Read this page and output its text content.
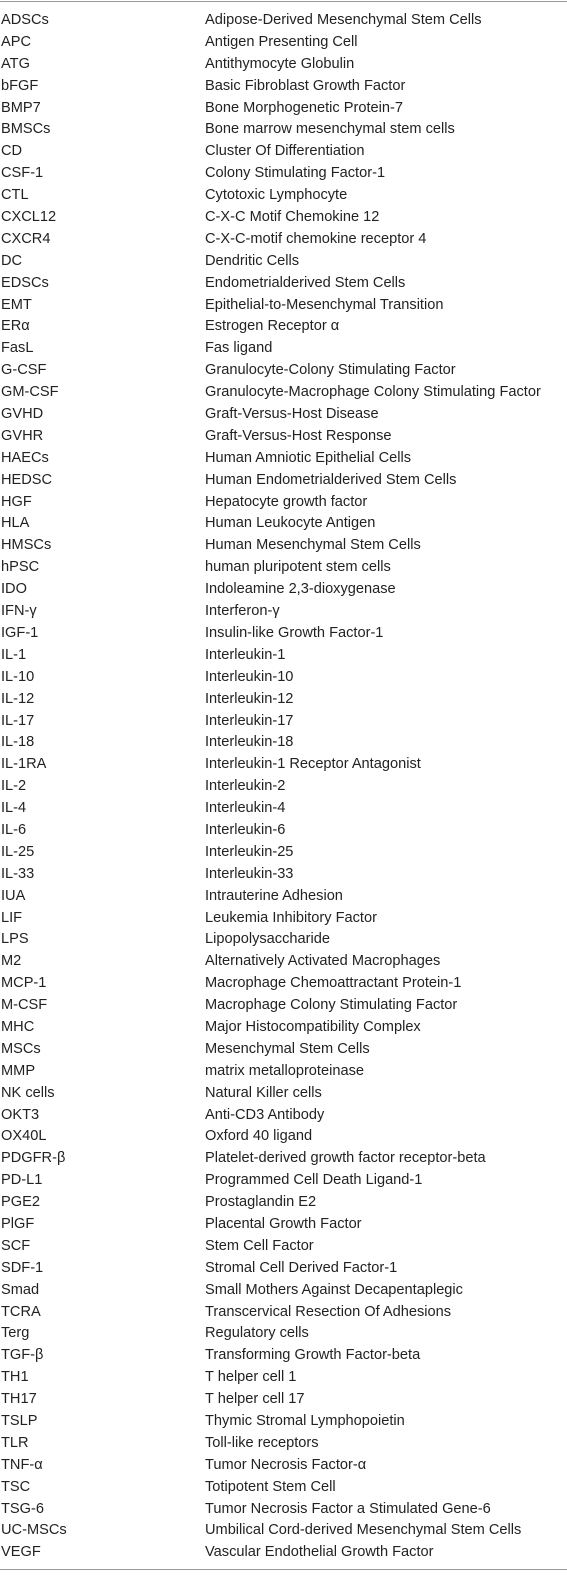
ADSCs	Adipose-Derived Mesenchymal Stem Cells
APC	Antigen Presenting Cell
ATG	Antithymocyte Globulin
bFGF	Basic Fibroblast Growth Factor
BMP7	Bone Morphogenetic Protein-7
BMSCs	Bone marrow mesenchymal stem cells
CD	Cluster Of Differentiation
CSF-1	Colony Stimulating Factor-1
CTL	Cytotoxic Lymphocyte
CXCL12	C-X-C Motif Chemokine 12
CXCR4	C-X-C-motif chemokine receptor 4
DC	Dendritic Cells
EDSCs	Endometrialderived Stem Cells
EMT	Epithelial-to-Mesenchymal Transition
ERα	Estrogen Receptor α
FasL	Fas ligand
G-CSF	Granulocyte-Colony Stimulating Factor
GM-CSF	Granulocyte-Macrophage Colony Stimulating Factor
GVHD	Graft-Versus-Host Disease
GVHR	Graft-Versus-Host Response
HAECs	Human Amniotic Epithelial Cells
HEDSC	Human Endometrialderived Stem Cells
HGF	Hepatocyte growth factor
HLA	Human Leukocyte Antigen
HMSCs	Human Mesenchymal Stem Cells
hPSC	human pluripotent stem cells
IDO	Indoleamine 2,3-dioxygenase
IFN-γ	Interferon-γ
IGF-1	Insulin-like Growth Factor-1
IL-1	Interleukin-1
IL-10	Interleukin-10
IL-12	Interleukin-12
IL-17	Interleukin-17
IL-18	Interleukin-18
IL-1RA	Interleukin-1 Receptor Antagonist
IL-2	Interleukin-2
IL-4	Interleukin-4
IL-6	Interleukin-6
IL-25	Interleukin-25
IL-33	Interleukin-33
IUA	Intrauterine Adhesion
LIF	Leukemia Inhibitory Factor
LPS	Lipopolysaccharide
M2	Alternatively Activated Macrophages
MCP-1	Macrophage Chemoattractant Protein-1
M-CSF	Macrophage Colony Stimulating Factor
MHC	Major Histocompatibility Complex
MSCs	Mesenchymal Stem Cells
MMP	matrix metalloproteinase
NK cells	Natural Killer cells
OKT3	Anti-CD3 Antibody
OX40L	Oxford 40 ligand
PDGFR-β	Platelet-derived growth factor receptor-beta
PD-L1	Programmed Cell Death Ligand-1
PGE2	Prostaglandin E2
PlGF	Placental Growth Factor
SCF	Stem Cell Factor
SDF-1	Stromal Cell Derived Factor-1
Smad	Small Mothers Against Decapentaplegic
TCRA	Transcervical Resection Of Adhesions
Terg	Regulatory cells
TGF-β	Transforming Growth Factor-beta
TH1	T helper cell 1
TH17	T helper cell 17
TSLP	Thymic Stromal Lymphopoietin
TLR	Toll-like receptors
TNF-α	Tumor Necrosis Factor-α
TSC	Totipotent Stem Cell
TSG-6	Tumor Necrosis Factor a Stimulated Gene-6
UC-MSCs	Umbilical Cord-derived Mesenchymal Stem Cells
VEGF	Vascular Endothelial Growth Factor
